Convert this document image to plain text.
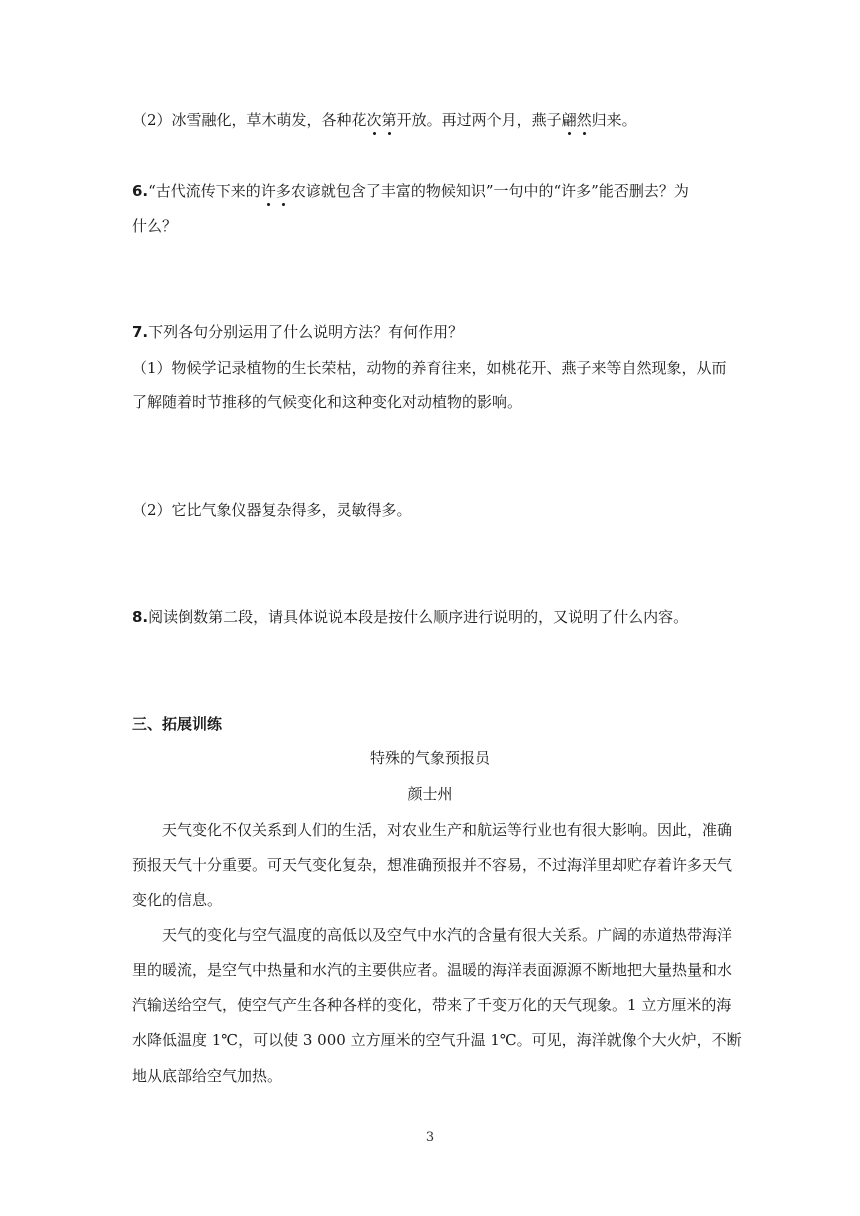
（2）冰雪融化，草木萌发，各种花次第开放。再过两个月，燕子翩然归来。
6.“古代流传下来的许多农谚就包含了丰富的物候知识”一句中的“许多”能否删去？为
什么？
7.下列各句分别运用了什么说明方法？有何作用？
（1）物候学记录植物的生长荣枯，动物的养育往来，如桃花开、燕子来等自然现象，从而
了解随着时节推移的气候变化和这种变化对动植物的影响。
（2）它比气象仪器复杂得多，灵敏得多。
8.阅读倒数第二段，请具体说说本段是按什么顺序进行说明的，又说明了什么内容。
三、拓展训练
特殊的气象预报员
颜士州
天气变化不仅关系到人们的生活，对农业生产和航运等行业也有很大影响。因此，准确
预报天气十分重要。可天气变化复杂，想准确预报并不容易，不过海洋里却贮存着许多天气
变化的信息。
天气的变化与空气温度的高低以及空气中水汽的含量有很大关系。广阔的赤道热带海洋
里的暖流，是空气中热量和水汽的主要供应者。温暖的海洋表面源源不断地把大量热量和水
汽输送给空气，使空气产生各种各样的变化，带来了千变万化的天气现象。1 立方厘米的海
水降低温度 1℃，可以使 3 000 立方厘米的空气升温 1℃。可见，海洋就像个大火炉，不断
地从底部给空气加热。
3
